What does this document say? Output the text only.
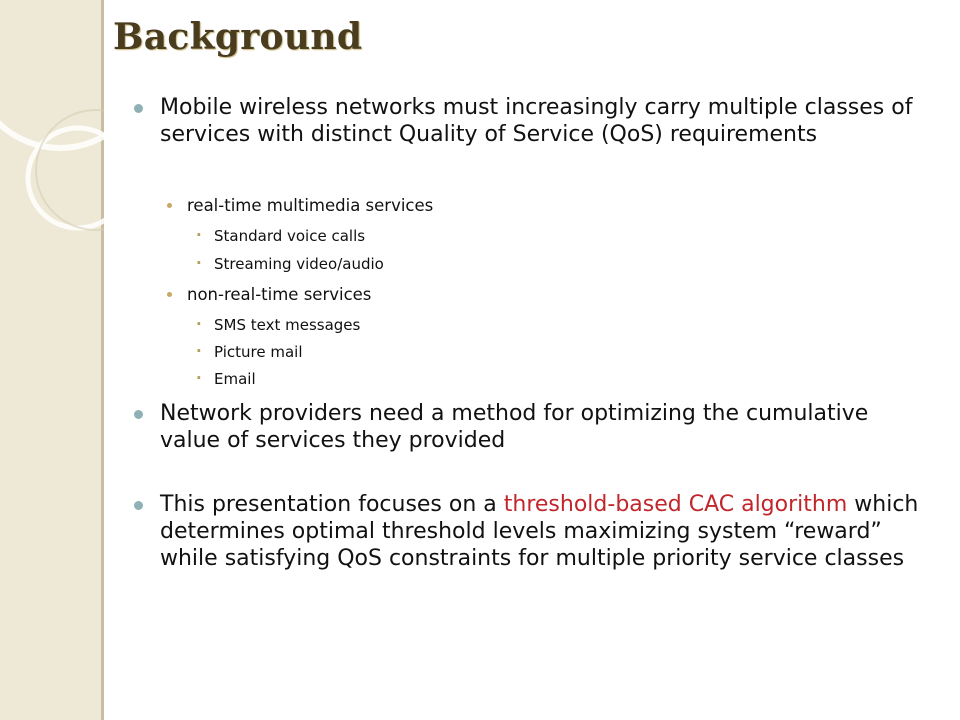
Background
Mobile wireless networks must increasingly carry multiple classes of services with distinct Quality of Service (QoS) requirements
real-time multimedia services
· Standard voice calls
· Streaming video/audio
non-real-time services
· SMS text messages
· Picture mail
· Email
Network providers need a method for optimizing the cumulative value of services they provided
This presentation focuses on a threshold-based CAC algorithm which determines optimal threshold levels maximizing system “reward” while satisfying QoS constraints for multiple priority service classes
